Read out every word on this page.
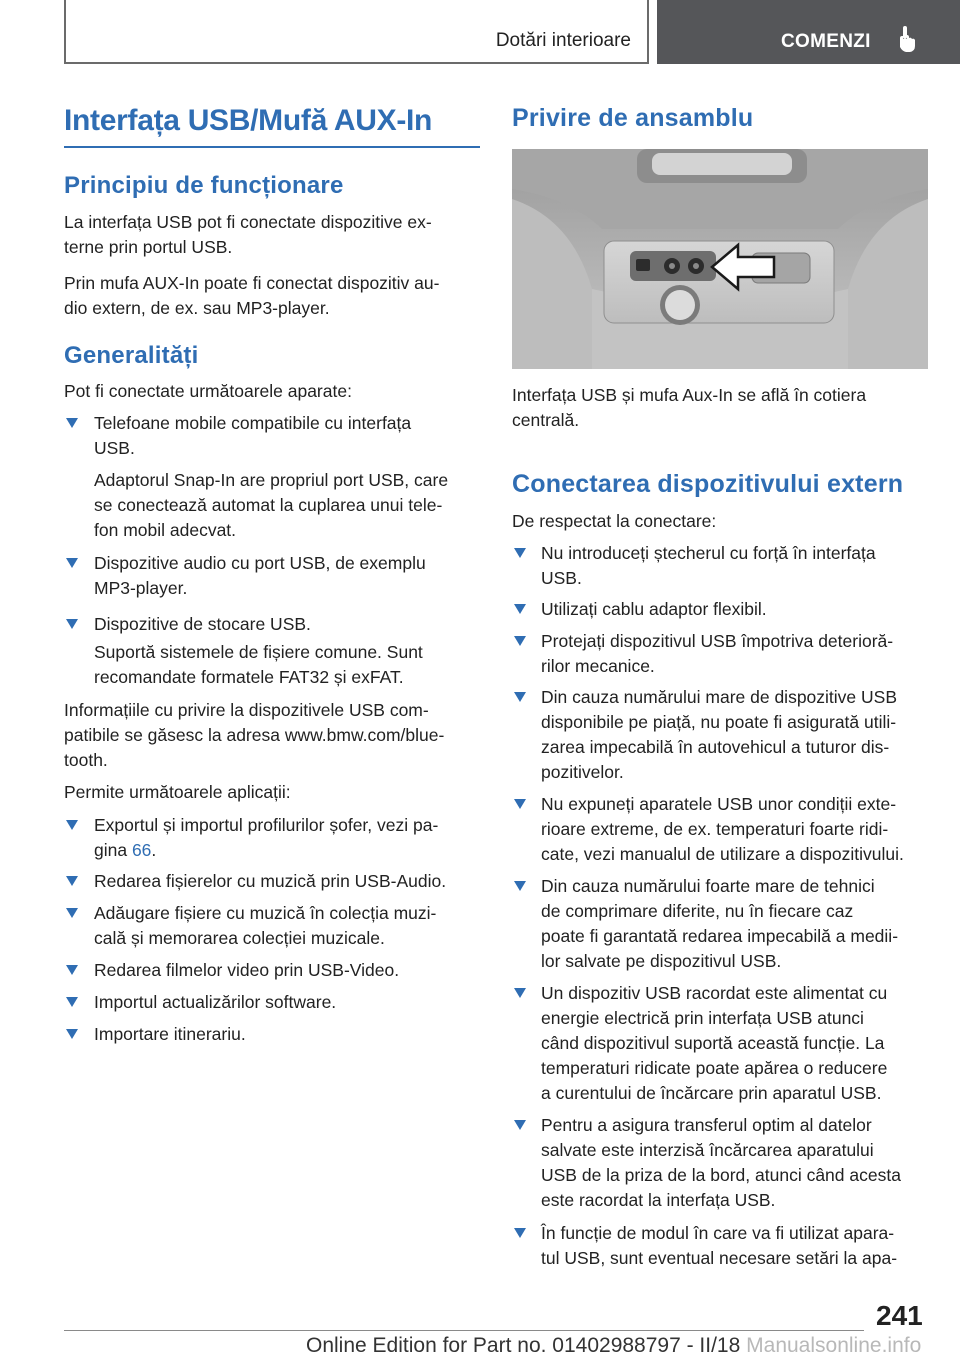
Dotări interioare	COMENZI
Interfața USB/Mufă AUX-In
Principiu de funcționare

La interfața USB pot fi conectate dispozitive ex‐

terne prin portul USB.

Prin mufa AUX-In poate fi conectat dispozitiv au‐

dio extern, de ex. sau MP3-player.

Generalități

Pot fi conectate următoarele aparate:

Telefoane mobile compatibile cu interfața

USB.

Adaptorul Snap-In are propriul port USB, care

se conectează automat la cuplarea unui tele‐

fon mobil adecvat.

Dispozitive audio cu port USB, de exemplu

MP3-player.

Dispozitive de stocare USB.

Suportă sistemele de fișiere comune. Sunt

recomandate formatele FAT32 și exFAT.

Informațiile cu privire la dispozitivele USB com‐

patibile se găsesc la adresa www.bmw.com/blue‐

tooth.

Permite următoarele aplicații:

Exportul și importul profilurilor șofer, vezi pa‐

gina 66.

Redarea fișierelor cu muzică prin USB-Audio.

Adăugare fișiere cu muzică în colecția muzi‐

cală și memorarea colecției muzicale.

Redarea filmelor video prin USB-Video.

Importul actualizărilor software.

Importare itinerariu.

Privire de ansamblu

Interfața USB și mufa Aux-In se află în cotiera

centrală.

Conectarea dispozitivului extern

De respectat la conectare:

Nu introduceți ștecherul cu forță în interfața

USB.

Utilizați cablu adaptor flexibil.

Protejați dispozitivul USB împotriva deterioră‐

rilor mecanice.

Din cauza numărului mare de dispozitive USB

disponibile pe piață, nu poate fi asigurată utili‐

zarea impecabilă în autovehicul a tuturor dis‐

pozitivelor.

Nu expuneți aparatele USB unor condiții exte‐

rioare extreme, de ex. temperaturi foarte ridi‐

cate, vezi manualul de utilizare a dispozitivului.

Din cauza numărului foarte mare de tehnici

de comprimare diferite, nu în fiecare caz

poate fi garantată redarea impecabilă a medii‐

lor salvate pe dispozitivul USB.

Un dispozitiv USB racordat este alimentat cu

energie electrică prin interfața USB atunci

când dispozitivul suportă această funcție. La

temperaturi ridicate poate apărea o reducere

a curentului de încărcare prin aparatul USB.

Pentru a asigura transferul optim al datelor

salvate este interzisă încărcarea aparatului

USB de la priza de la bord, atunci când acesta

este racordat la interfața USB.

În funcție de modul în care va fi utilizat apara‐

tul USB, sunt eventual necesare setări la apa‐

241
Online Edition for Part no. 01402988797 - II/18 Manualsonline.info
